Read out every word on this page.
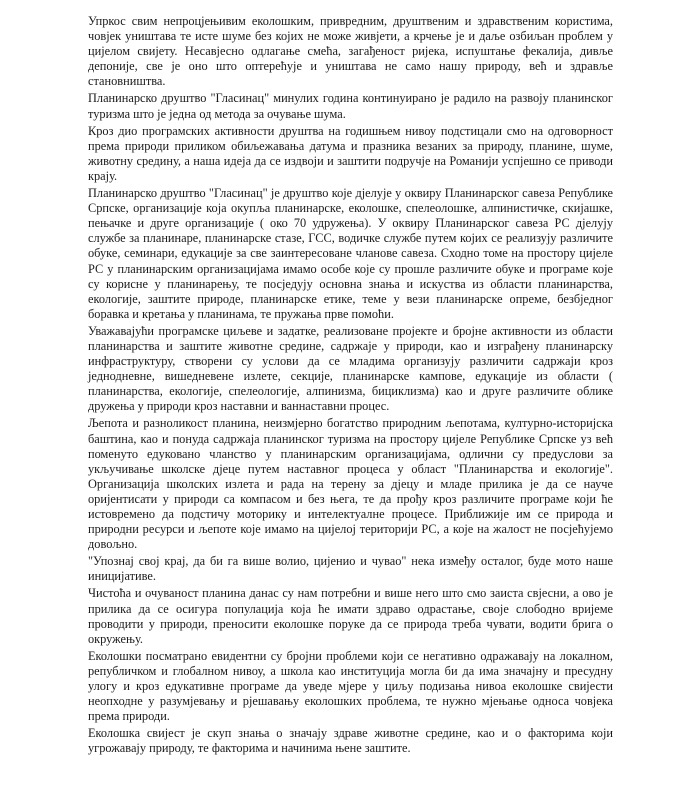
Упркос свим непроцјењивим еколошким, привредним, друштвеним и здравственим користима, човјек уништава те исте шуме без којих не може живјети, а крчење је и даље озбиљан проблем у цијелом свијету. Несавјесно одлагање смећа, загађеност ријека, испуштање фекалија, дивље депоније, све је оно што оптерећује и уништава не само нашу природу, већ и здравље становништва.

Планинарско друштво "Гласинац" минулих година континуирано је радило на развоју планинског туризма што је једна од метода за очување шума.

Кроз дио програмских активности друштва на годишњем нивоу подстицали смо на одговорност према природи приликом обиљежавања датума и празника везаних за природу, планине, шуме, животну средину, а наша идеја да се издвоји и заштити подручје на Романији успјешно се приводи крају.

Планинарско друштво "Гласинац" је друштво које дјелује у оквиру Планинарског савеза Републике Српске, организације која окупља планинарске, еколошке, спелеолошке, алпинистичке, скијашке, пењачке и друге организације ( око 70 удружења). У оквиру Планинарског савеза РС дјелују службе за планинаре, планинарске стазе, ГСС, водичке службе путем којих се реализују различите обуке, семинари, едукације за све заинтересоване чланове савеза. Сходно томе на простору цијеле РС у планинарским организацијама имамо особе које су прошле различите обуке и програме које су корисне у планинарењу, те посједују основна знања и искуства из области планинарства, екологије, заштите природе, планинарске етике, теме у вези планинарске опреме, безбједног боравка и кретања у планинама, те пружања прве помоћи.

Уважавајући програмске циљеве и задатке, реализоване пројекте и бројне активности из области планинарства и заштите животне средине, садржаје у природи, као и изграђену планинарску инфраструктуру, створени су услови да се младима организују различити садржаји кроз једнодневне, вишедневене излете, секције, планинарске кампове, едукације из области ( планинарства, екологије, спелеологије, алпинизма, бициклизма) као и друге различите облике дружења у природи кроз наставни и ваннаставни процес.

Љепота и разноликост планина, неизмјерно богатство природним љепотама, културно-историјска баштина, као и понуда садржаја планинског туризма на простору цијеле Републике Српске уз већ поменуто едуковано чланство у планинарским организацијама, одлични су предуслови за укључивање школске дјеце путем наставног процеса у област "Планинарства и екологије". Организација школских излета и рада на терену за дјецу и младе прилика је да се науче оријентисати у природи са компасом и без њега, те да прођу кроз различите програме који ће истовремено да подстичу моторику и интелектуалне процесе. Приближије им се природа и природни ресурси и љепоте које имамо на цијелој територији РС, а које на жалост не посјећујемо довољно.

"Упознај свој крај, да би га више волио, цијенио и чувао" нека између осталог, буде мото наше иницијативе.

Чистоћа и очуваност планина данас су нам потребни и више него што смо заиста свјесни, а ово је прилика да се осигура популација која ће имати здраво одрастање, своје слободно вријеме проводити у природи, преносити еколошке поруке да се природа треба чувати, водити брига о окружењу.

Еколошки посматрано евидентни су бројни проблеми који се негативно одражавају на локалном, републичком и глобалном нивоу, а школа као институција могла би да има значајну и пресудну улогу и кроз едукативне програме да уведе мјере у циљу подизања нивоа еколошке свијести неопходне у разумјевању и рјешавању еколошких проблема, те нужно мјењање односа човјека према природи.

Еколошка свијест је скуп знања о значају здраве животне средине, као и о факторима који угрожавају природу, те факторима и начинима њене заштите.
